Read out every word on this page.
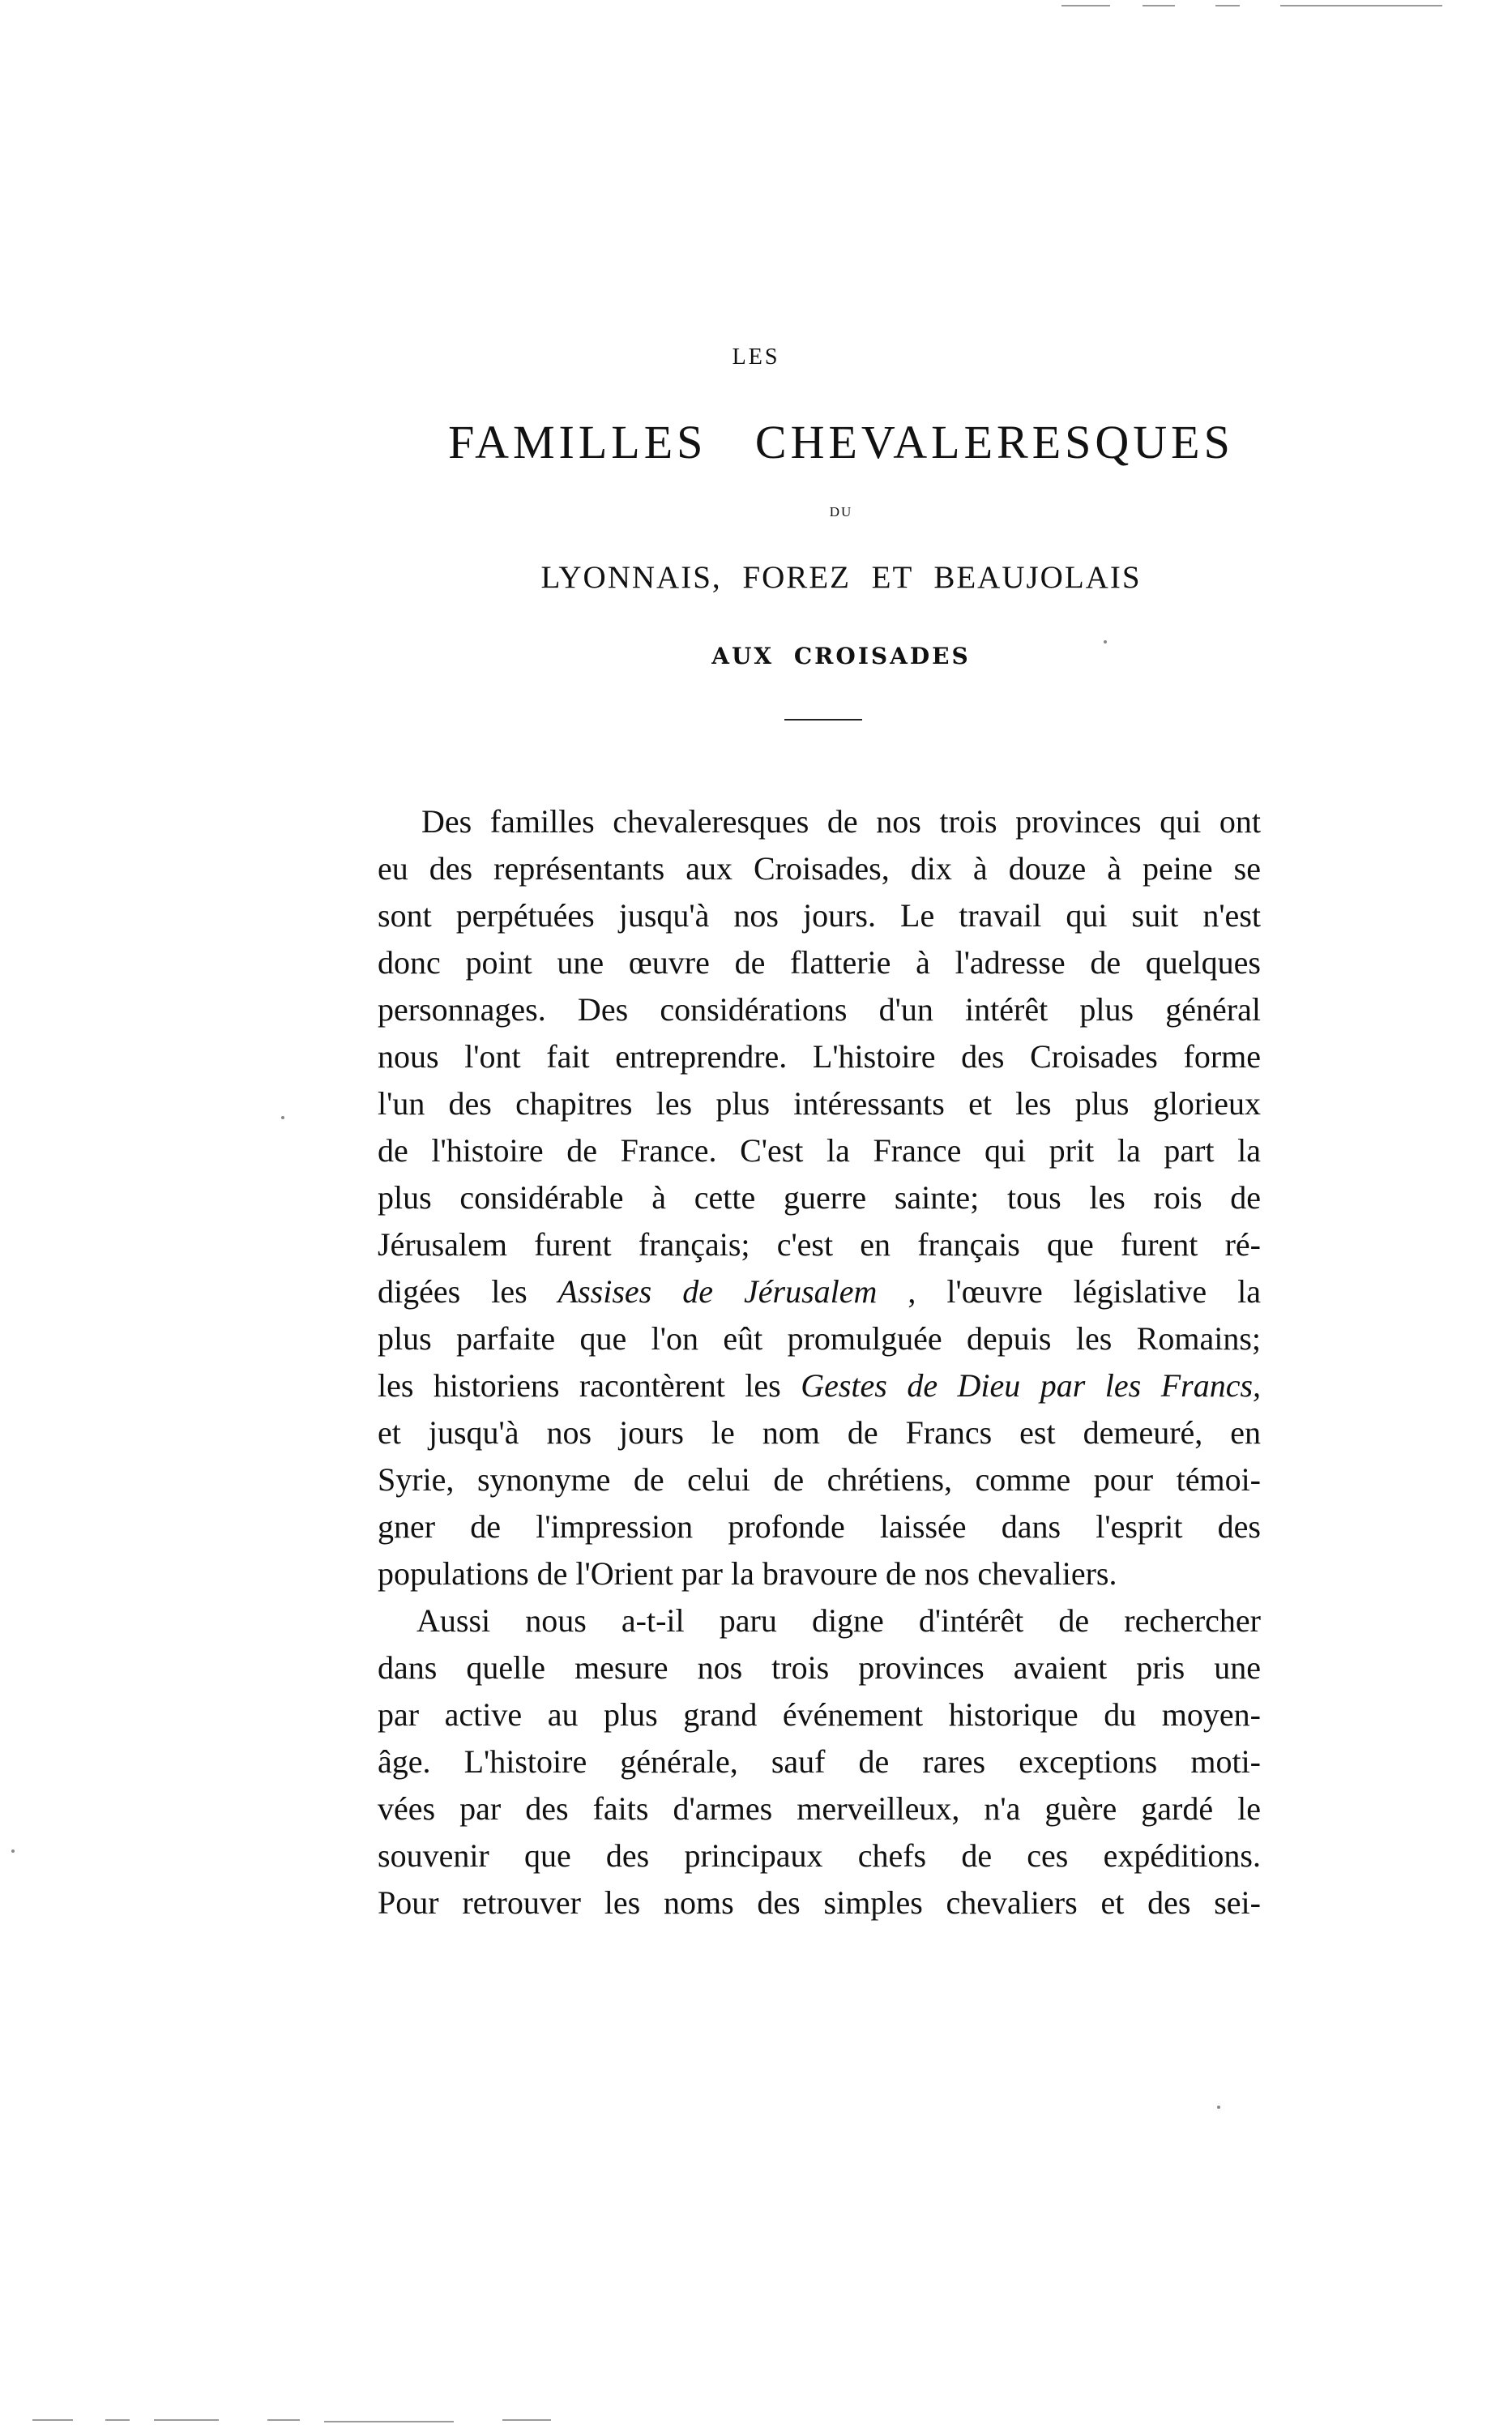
LES
FAMILLES CHEVALERESQUES
DU
LYONNAIS, FOREZ ET BEAUJOLAIS
AUX CROISADES
Des familles chevaleresques de nos trois provinces qui ont
eu des représentants aux Croisades, dix à douze à peine se
sont perpétuées jusqu'à nos jours. Le travail qui suit n'est
donc point une œuvre de flatterie à l'adresse de quelques
personnages. Des considérations d'un intérêt plus général
nous l'ont fait entreprendre. L'histoire des Croisades forme
l'un des chapitres les plus intéressants et les plus glorieux
de l'histoire de France. C'est la France qui prit la part la
plus considérable à cette guerre sainte; tous les rois de
Jérusalem furent français; c'est en français que furent ré-
digées les Assises de Jérusalem , l'œuvre législative la
plus parfaite que l'on eût promulguée depuis les Romains;
les historiens racontèrent les Gestes de Dieu par les Francs,
et jusqu'à nos jours le nom de Francs est demeuré, en
Syrie, synonyme de celui de chrétiens, comme pour témoi-
gner de l'impression profonde laissée dans l'esprit des
populations de l'Orient par la bravoure de nos chevaliers.
Aussi nous a-t-il paru digne d'intérêt de rechercher
dans quelle mesure nos trois provinces avaient pris une
par active au plus grand événement historique du moyen-
âge. L'histoire générale, sauf de rares exceptions moti-
vées par des faits d'armes merveilleux, n'a guère gardé le
souvenir que des principaux chefs de ces expéditions.
Pour retrouver les noms des simples chevaliers et des sei-
